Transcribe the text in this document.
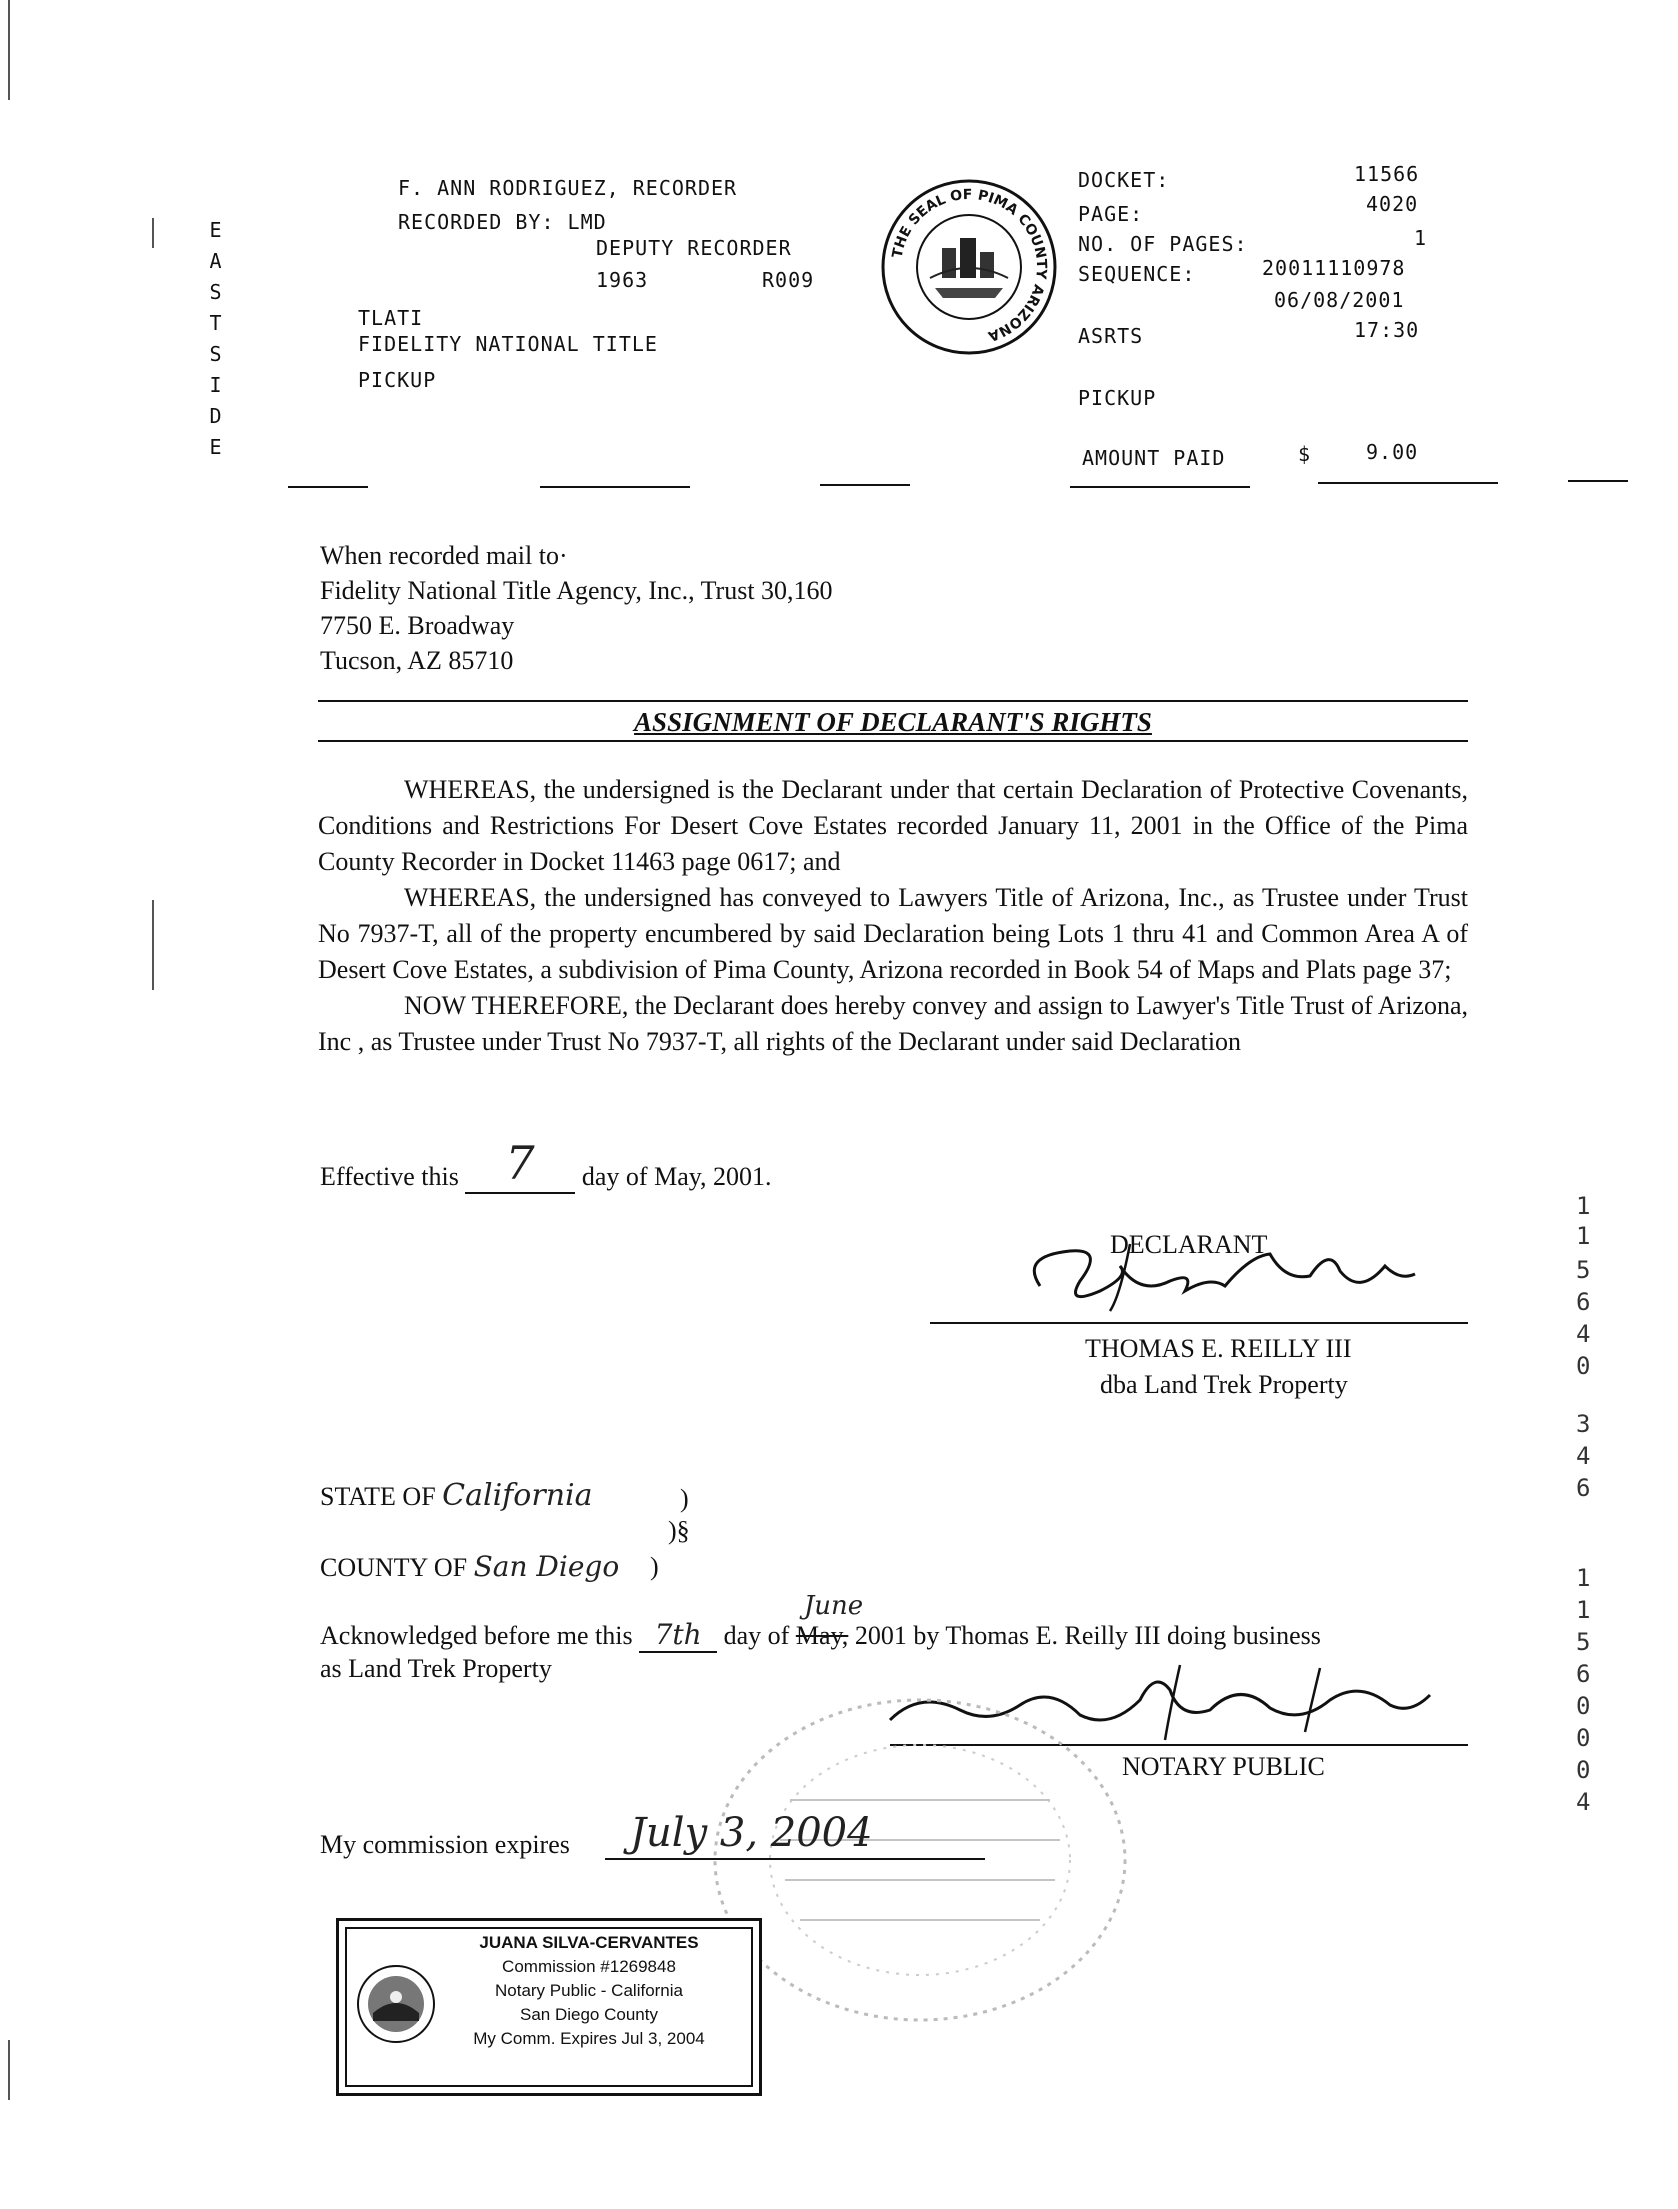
E
A
S
T
S
I
D
E
F. ANN RODRIGUEZ, RECORDER
RECORDED BY: LMD
DEPUTY RECORDER
1963	R009
TLATI
FIDELITY NATIONAL TITLE
PICKUP
THE SEAL OF PIMA COUNTY ARIZONA
DOCKET:	11566
PAGE:	4020
NO. OF PAGES:	1
SEQUENCE:	20011110978
06/08/2001
ASRTS	17:30
PICKUP
AMOUNT PAID	$	9.00
When recorded mail to·
Fidelity National Title Agency, Inc., Trust 30,160
7750 E. Broadway
Tucson, AZ 85710
ASSIGNMENT OF DECLARANT'S RIGHTS

WHEREAS, the undersigned is the Declarant under that certain Declaration of Protective Covenants, Conditions and Restrictions For Desert Cove Estates recorded January 11, 2001 in the Office of the Pima County Recorder in Docket 11463 page 0617; and

WHEREAS, the undersigned has conveyed to Lawyers Title of Arizona, Inc., as Trustee under Trust No 7937-T, all of the property encumbered by said Declaration being Lots 1 thru 41 and Common Area A of Desert Cove Estates, a subdivision of Pima County, Arizona recorded in Book 54 of Maps and Plats page 37;

NOW THEREFORE, the Declarant does hereby convey and assign to Lawyer's Title Trust of Arizona, Inc , as Trustee under Trust No 7937-T, all rights of the Declarant under said Declaration

Effective this 7 day of May, 2001.
DECLARANT
THOMAS E. REILLY III
dba Land Trek Property
STATE OF California	)
)§
COUNTY OF San Diego )
Acknowledged before me this 7th day of May,
June
2001 by Thomas E. Reilly III doing business
as Land Trek Property
NOTARY PUBLIC
My commission expires July 3, 2004
JUANA SILVA-CERVANTES
Commission #1269848
Notary Public - California
San Diego County
My Comm. Expires Jul 3, 2004
1
1
5
6
4
0
3
4
6
1
1
5
6
0
0
0
4
